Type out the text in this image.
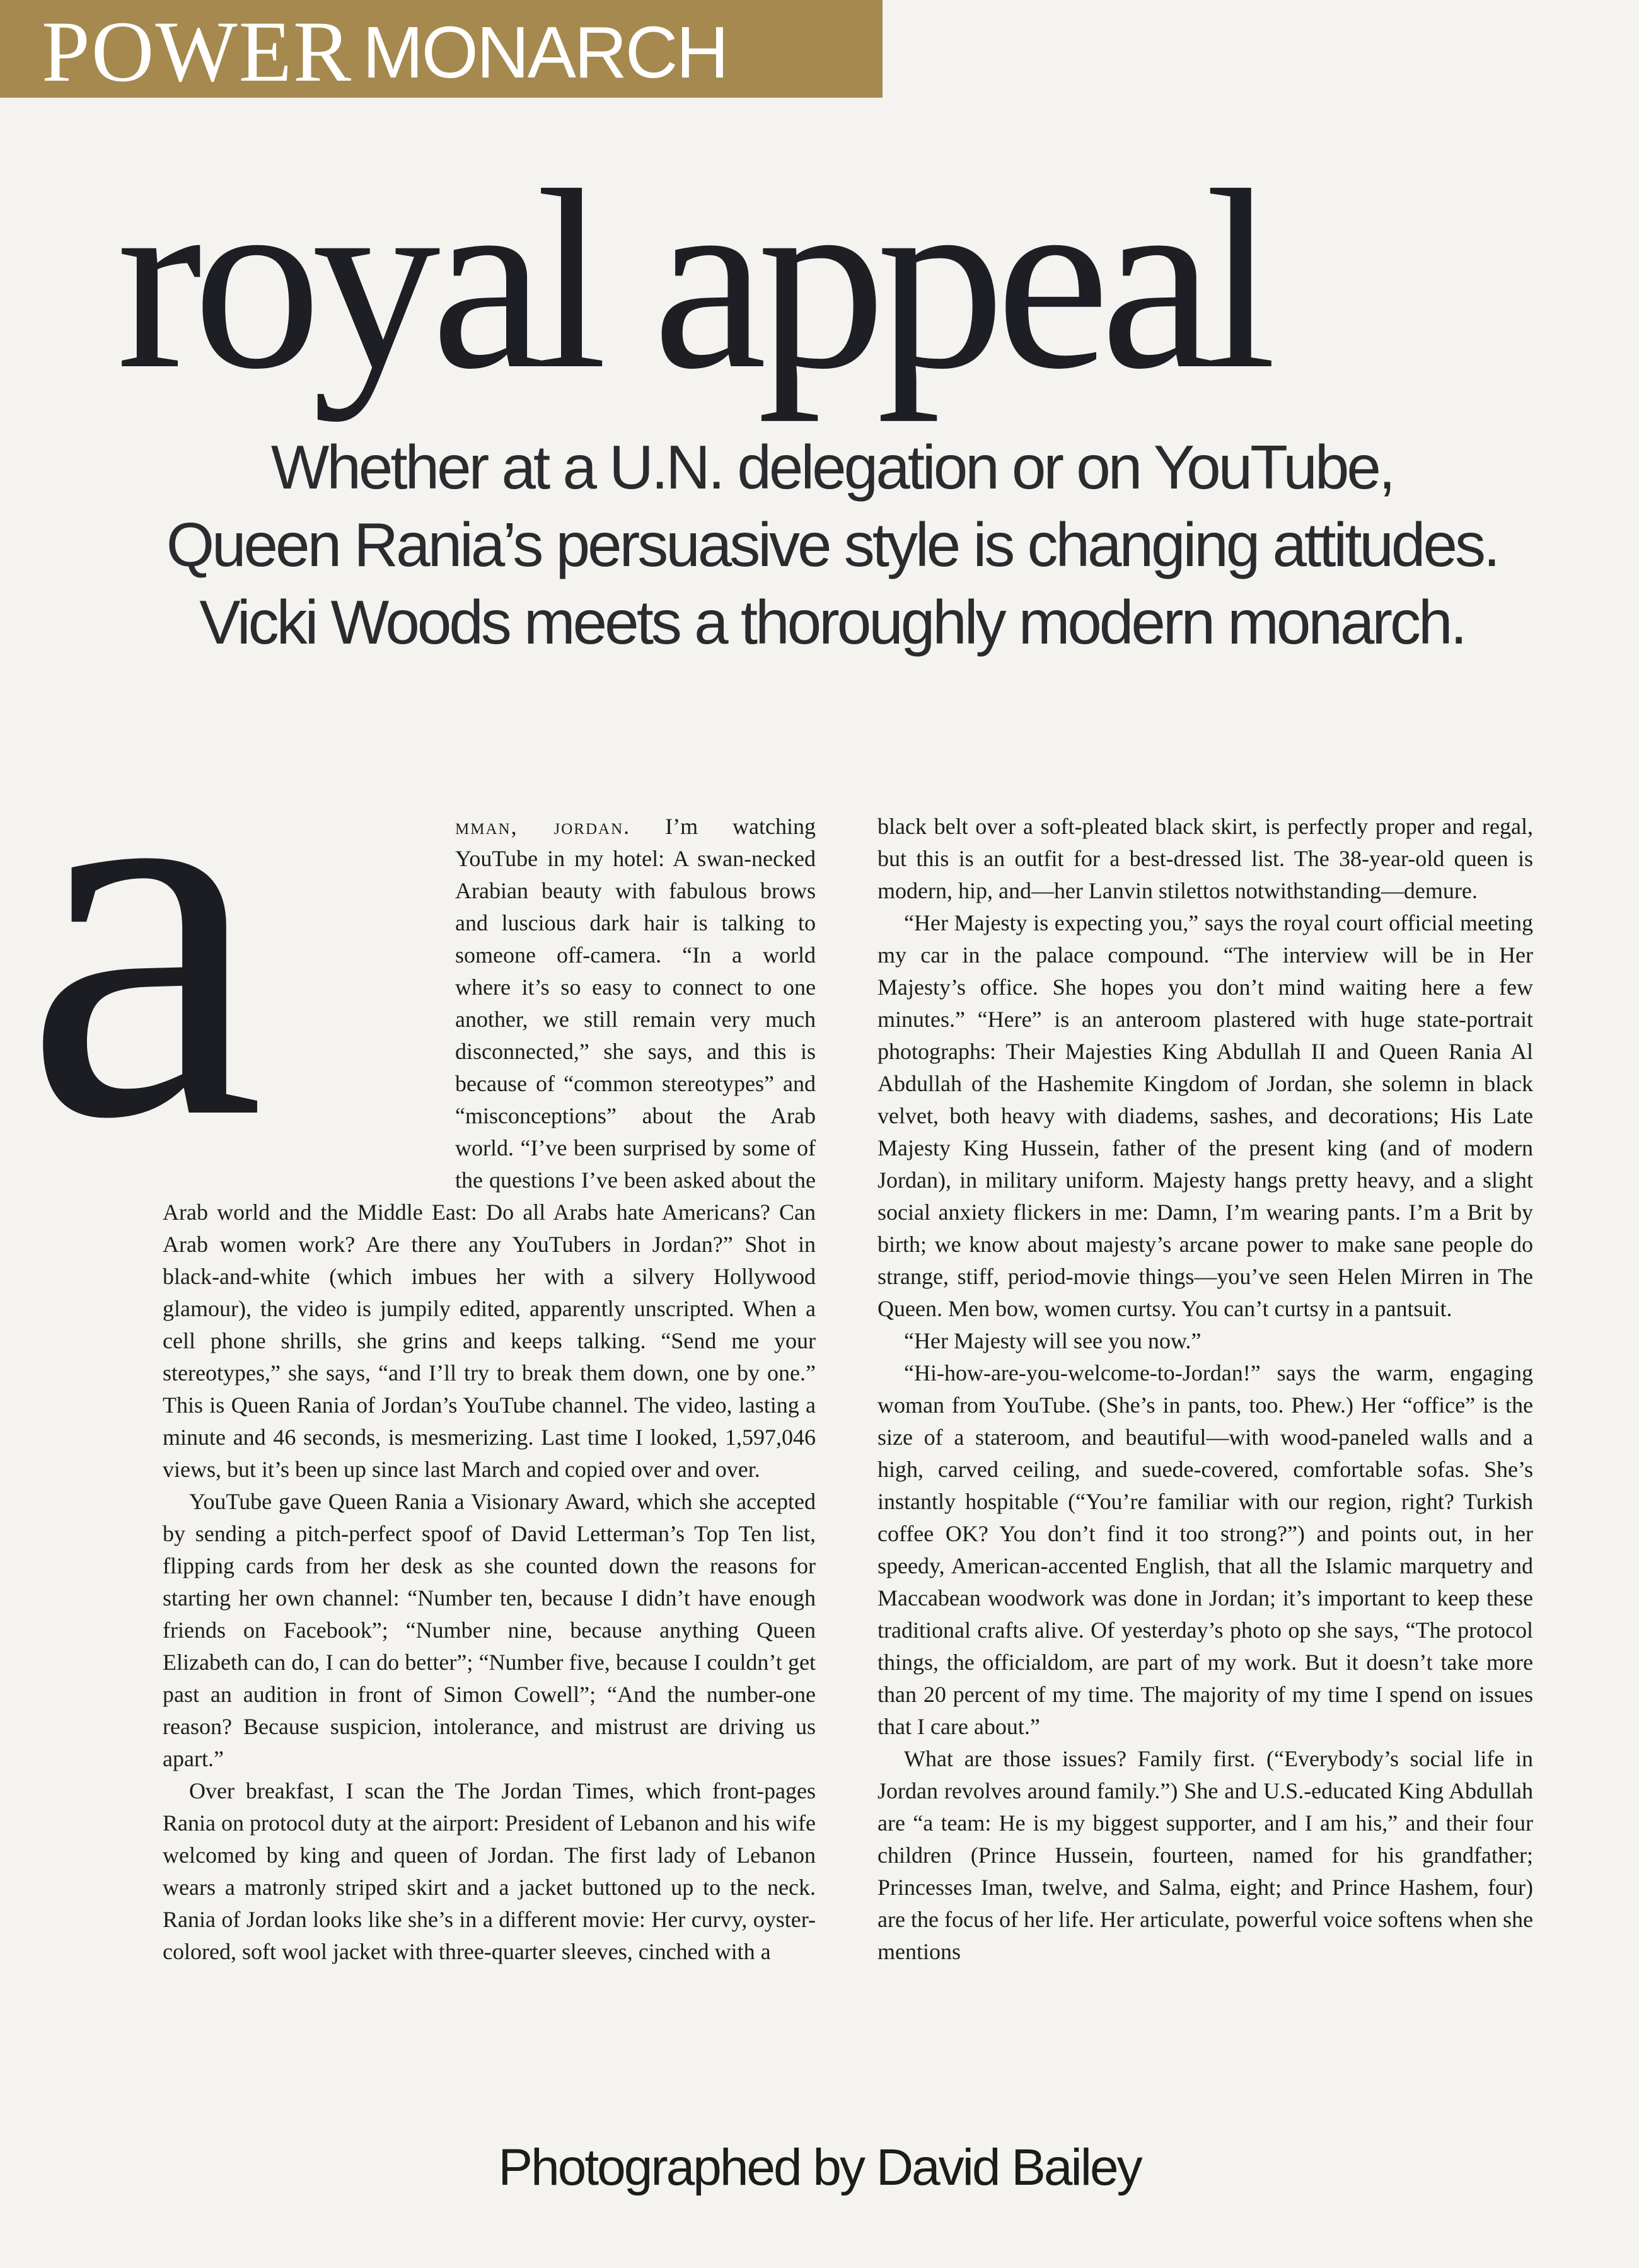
POWER MONARCH
royal appeal
Whether at a U.N. delegation or on YouTube,
Queen Rania’s persuasive style is changing attitudes.
Vicki Woods meets a thoroughly modern monarch.

a	mman, jordan. I’m watching YouTube in my hotel: A swan-necked Arabian beauty with fabulous brows and luscious dark hair is talking to someone off-camera. “In a world where it’s so easy to connect to one another, we still remain very much disconnected,” she says, and this is because of “common stereotypes” and “misconceptions” about the Arab world. “I’ve been surprised by some of the questions I’ve been asked about the Arab world and the Middle East: Do all Arabs hate Americans? Can Arab women work? Are there any YouTubers in Jordan?” Shot in black-and-white (which imbues her with a silvery Hollywood glamour), the video is jumpily edited, apparently unscripted. When a cell phone shrills, she grins and keeps talking. “Send me your stereotypes,” she says, “and I’ll try to break them down, one by one.” This is Queen Rania of Jordan’s YouTube channel. The video, lasting a minute and 46 seconds, is mesmerizing. Last time I looked, 1,597,046 views, but it’s been up since last March and copied over and over.

YouTube gave Queen Rania a Visionary Award, which she accepted by sending a pitch-perfect spoof of David Letterman’s Top Ten list, flipping cards from her desk as she counted down the reasons for starting her own channel: “Number ten, because I didn’t have enough friends on Facebook”; “Number nine, because anything Queen Elizabeth can do, I can do better”; “Number five, because I couldn’t get past an audition in front of Simon Cowell”; “And the number-one reason? Because suspicion, intolerance, and mistrust are driving us apart.”

Over breakfast, I scan the The Jordan Times, which front-pages Rania on protocol duty at the airport: President of Lebanon and his wife welcomed by king and queen of Jordan. The first lady of Lebanon wears a matronly striped skirt and a jacket buttoned up to the neck. Rania of Jordan looks like she’s in a different movie: Her curvy, oyster-colored, soft wool jacket with three-quarter sleeves, cinched with a

black belt over a soft-pleated black skirt, is perfectly proper and regal, but this is an outfit for a best-dressed list. The 38-year-old queen is modern, hip, and—her Lanvin stilettos notwithstanding—demure.

“Her Majesty is expecting you,” says the royal court official meeting my car in the palace compound. “The interview will be in Her Majesty’s office. She hopes you don’t mind waiting here a few minutes.” “Here” is an anteroom plastered with huge state-portrait photographs: Their Majesties King Abdullah II and Queen Rania Al Abdullah of the Hashemite Kingdom of Jordan, she solemn in black velvet, both heavy with diadems, sashes, and decorations; His Late Majesty King Hussein, father of the present king (and of modern Jordan), in military uniform. Majesty hangs pretty heavy, and a slight social anxiety flickers in me: Damn, I’m wearing pants. I’m a Brit by birth; we know about majesty’s arcane power to make sane people do strange, stiff, period-movie things—you’ve seen Helen Mirren in The Queen. Men bow, women curtsy. You can’t curtsy in a pantsuit.

“Her Majesty will see you now.”

“Hi-how-are-you-welcome-to-Jordan!” says the warm, engaging woman from YouTube. (She’s in pants, too. Phew.) Her “office” is the size of a stateroom, and beautiful—with wood-paneled walls and a high, carved ceiling, and suede-covered, comfortable sofas. She’s instantly hospitable (“You’re familiar with our region, right? Turkish coffee OK? You don’t find it too strong?”) and points out, in her speedy, American-accented English, that all the Islamic marquetry and Maccabean woodwork was done in Jordan; it’s important to keep these traditional crafts alive. Of yesterday’s photo op she says, “The protocol things, the officialdom, are part of my work. But it doesn’t take more than 20 percent of my time. The majority of my time I spend on issues that I care about.”

What are those issues? Family first. (“Everybody’s social life in Jordan revolves around family.”) She and U.S.-educated King Abdullah are “a team: He is my biggest supporter, and I am his,” and their four children (Prince Hussein, fourteen, named for his grandfather; Princesses Iman, twelve, and Salma, eight; and Prince Hashem, four) are the focus of her life. Her articulate, powerful voice softens when she mentions

Photographed by David Bailey
